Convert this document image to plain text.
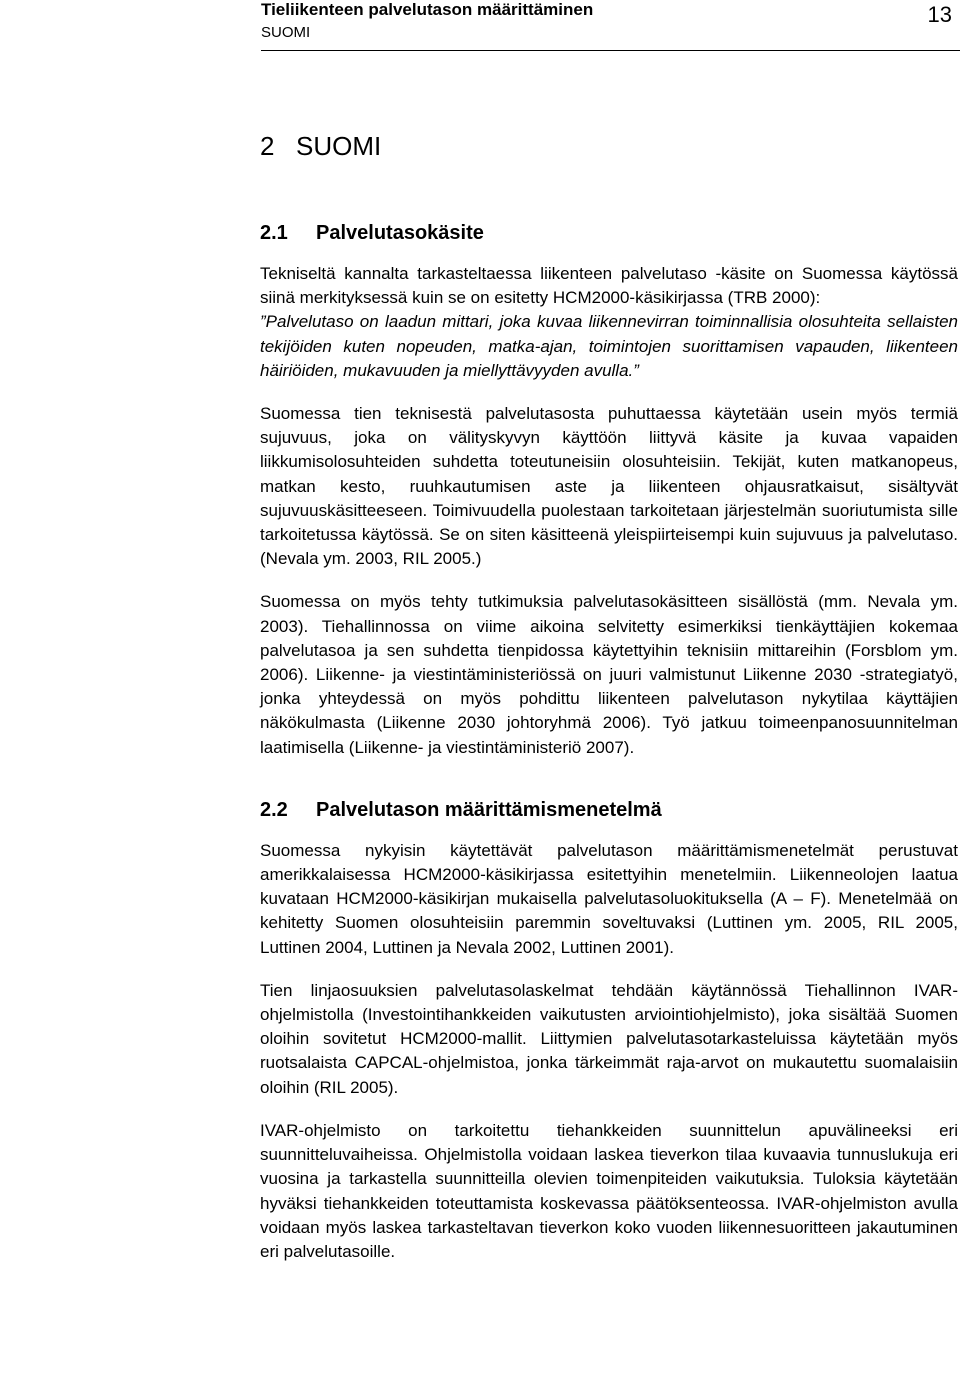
Tieliikenteen palvelutason määrittäminen
SUOMI
13
2 SUOMI
2.1 Palvelutasokäsite

Tekniseltä kannalta tarkasteltaessa liikenteen palvelutaso -käsite on Suomessa käytössä siinä merkityksessä kuin se on esitetty HCM2000-käsikirjassa (TRB 2000):

”Palvelutaso on laadun mittari, joka kuvaa liikennevirran toiminnallisia olosuhteita sellaisten tekijöiden kuten nopeuden, matka-ajan, toimintojen suorittamisen vapauden, liikenteen häiriöiden, mukavuuden ja miellyttävyyden avulla.”

Suomessa tien teknisestä palvelutasosta puhuttaessa käytetään usein myös termiä sujuvuus, joka on välityskyvyn käyttöön liittyvä käsite ja kuvaa vapaiden liikkumisolosuhteiden suhdetta toteutuneisiin olosuhteisiin. Tekijät, kuten matkanopeus, matkan kesto, ruuhkautumisen aste ja liikenteen ohjausratkaisut, sisältyvät sujuvuuskäsitteeseen. Toimivuudella puolestaan tarkoitetaan järjestelmän suoriutumista sille tarkoitetussa käytössä. Se on siten käsitteenä yleispiirteisempi kuin sujuvuus ja palvelutaso. (Nevala ym. 2003, RIL 2005.)

Suomessa on myös tehty tutkimuksia palvelutasokäsitteen sisällöstä (mm. Nevala ym. 2003). Tiehallinnossa on viime aikoina selvitetty esimerkiksi tienkäyttäjien kokemaa palvelutasoa ja sen suhdetta tienpidossa käytettyihin teknisiin mittareihin (Forsblom ym. 2006). Liikenne- ja viestintäministeriössä on juuri valmistunut Liikenne 2030 -strategiatyö, jonka yhteydessä on myös pohdittu liikenteen palvelutason nykytilaa käyttäjien näkökulmasta (Liikenne 2030 johtoryhmä 2006). Työ jatkuu toimeenpanosuunnitelman laatimisella (Liikenne- ja viestintäministeriö 2007).

2.2 Palvelutason määrittämismenetelmä

Suomessa nykyisin käytettävät palvelutason määrittämismenetelmät perustuvat amerikkalaisessa HCM2000-käsikirjassa esitettyihin menetelmiin. Liikenneolojen laatua kuvataan HCM2000-käsikirjan mukaisella palvelutasoluokituksella (A – F). Menetelmää on kehitetty Suomen olosuhteisiin paremmin soveltuvaksi (Luttinen ym. 2005, RIL 2005, Luttinen 2004, Luttinen ja Nevala 2002, Luttinen 2001).

Tien linjaosuuksien palvelutasolaskelmat tehdään käytännössä Tiehallinnon IVAR-ohjelmistolla (Investointihankkeiden vaikutusten arviointiohjelmisto), joka sisältää Suomen oloihin sovitetut HCM2000-mallit. Liittymien palvelutasotarkasteluissa käytetään myös ruotsalaista CAPCAL-ohjelmistoa, jonka tärkeimmät raja-arvot on mukautettu suomalaisiin oloihin (RIL 2005).

IVAR-ohjelmisto on tarkoitettu tiehankkeiden suunnittelun apuvälineeksi eri suunnitteluvaiheissa. Ohjelmistolla voidaan laskea tieverkon tilaa kuvaavia tunnuslukuja eri vuosina ja tarkastella suunnitteilla olevien toimenpiteiden vaikutuksia. Tuloksia käytetään hyväksi tiehankkeiden toteuttamista koskevassa päätöksenteossa. IVAR-ohjelmiston avulla voidaan myös laskea tarkasteltavan tieverkon koko vuoden liikennesuoritteen jakautuminen eri palvelutasoille.
